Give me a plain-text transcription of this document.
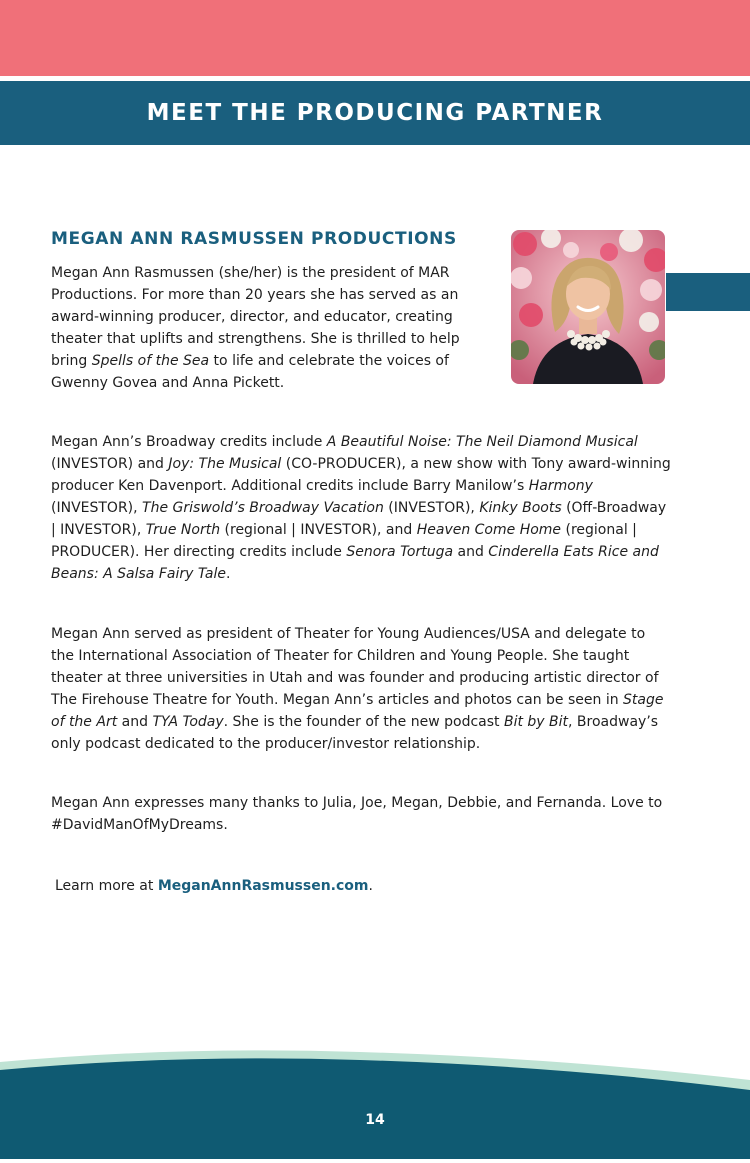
MEET THE PRODUCING PARTNER
MEGAN ANN RASMUSSEN PRODUCTIONS

Megan Ann Rasmussen (she/her) is the president of MAR Productions. For more than 20 years she has served as an award-winning producer, director, and educator, creating theater that uplifts and strengthens. She is thrilled to help bring Spells of the Sea to life and celebrate the voices of Gwenny Govea and Anna Pickett.

Megan Ann’s Broadway credits include A Beautiful Noise: The Neil Diamond Musical (INVESTOR) and Joy: The Musical (CO-PRODUCER), a new show with Tony award-winning producer Ken Davenport. Additional credits include Barry Manilow’s Harmony (INVESTOR), The Griswold’s Broadway Vacation (INVESTOR), Kinky Boots (Off-Broadway | INVESTOR), True North (regional | INVESTOR), and Heaven Come Home (regional | PRODUCER). Her directing credits include Senora Tortuga and Cinderella Eats Rice and Beans: A Salsa Fairy Tale.

Megan Ann served as president of Theater for Young Audiences/USA and delegate to the International Association of Theater for Children and Young People. She taught theater at three universities in Utah and was founder and producing artistic director of The Firehouse Theatre for Youth. Megan Ann’s articles and photos can be seen in Stage of the Art and TYA Today. She is the founder of the new podcast Bit by Bit, Broadway’s only podcast dedicated to the producer/investor relationship.

Megan Ann expresses many thanks to Julia, Joe, Megan, Debbie, and Fernanda. Love to #DavidManOfMyDreams.

Learn more at MeganAnnRasmussen.com.

14
